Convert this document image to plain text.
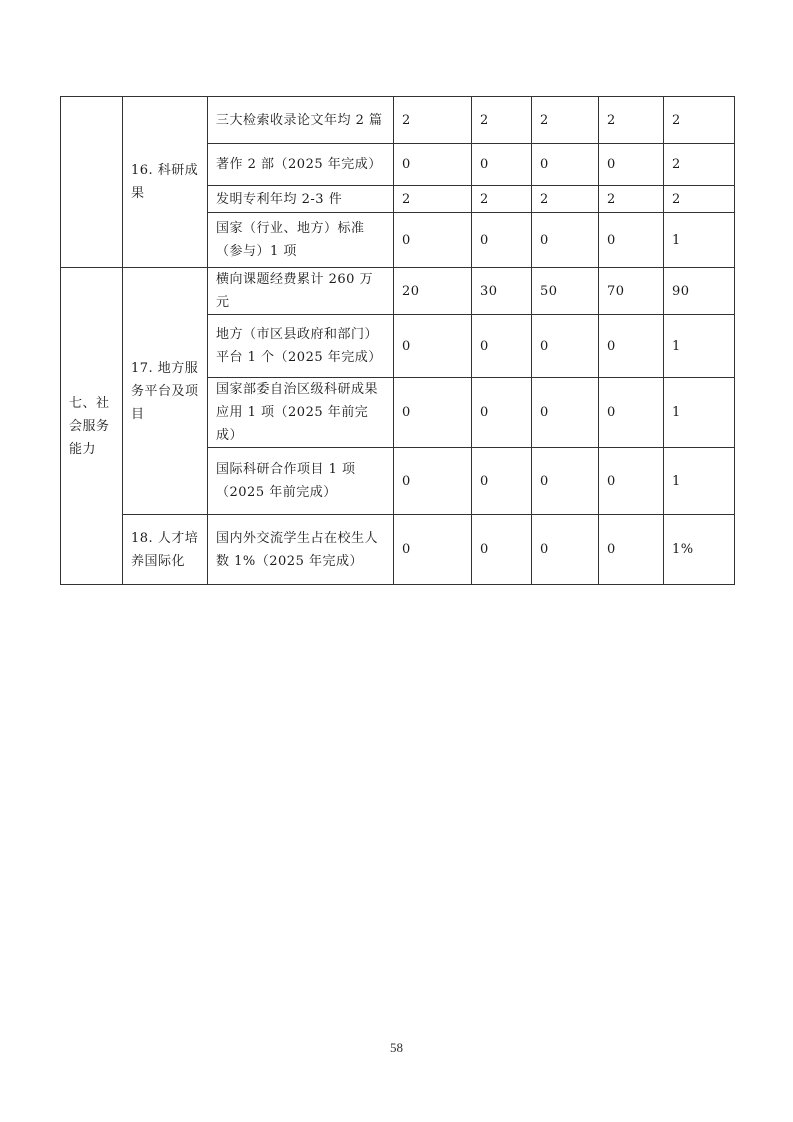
	16. 科研成果	三大检索收录论文年均 2 篇	2	2	2	2	2
		著作 2 部（2025 年完成）	0	0	0	0	2
		发明专利年均 2-3 件	2	2	2	2	2
		国家（行业、地方）标准（参与）1 项	0	0	0	0	1
七、社会服务能力	17. 地方服务平台及项目	横向课题经费累计 260 万元	20	30	50	70	90
		地方（市区县政府和部门）平台 1 个（2025 年完成）	0	0	0	0	1
		国家部委自治区级科研成果应用 1 项（2025 年前完成）	0	0	0	0	1
		国际科研合作项目 1 项（2025 年前完成）	0	0	0	0	1
	18. 人才培养国际化	国内外交流学生占在校生人数 1%（2025 年完成）	0	0	0	0	1%
58
